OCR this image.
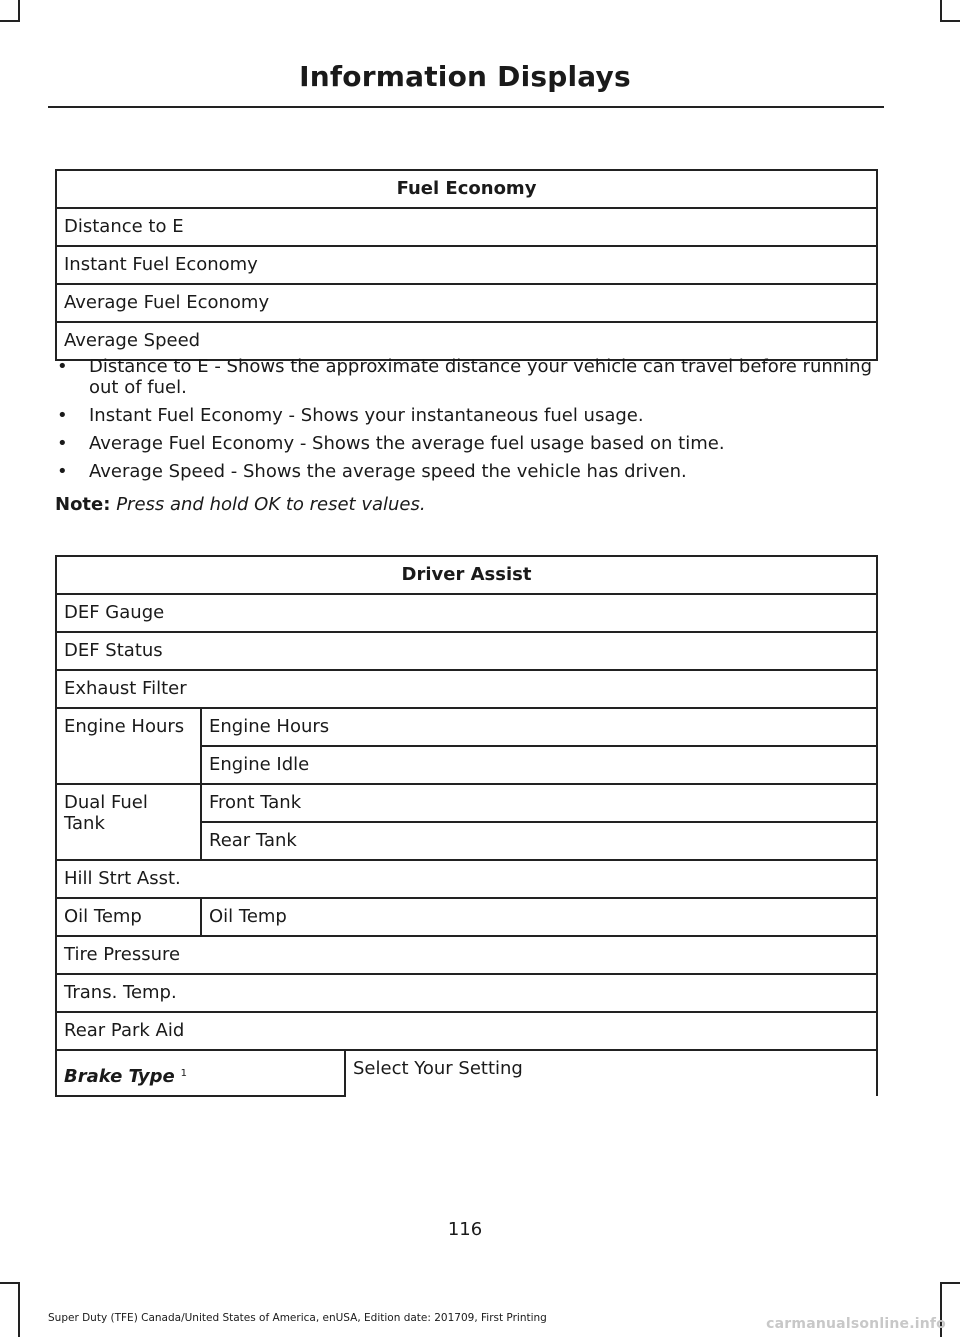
Information Displays
Fuel Economy
Distance to E
Instant Fuel Economy
Average Fuel Economy
Average Speed
• Distance to E - Shows the approximate distance your vehicle can travel before running out of fuel.
• Instant Fuel Economy - Shows your instantaneous fuel usage.
• Average Fuel Economy - Shows the average fuel usage based on time.
• Average Speed - Shows the average speed the vehicle has driven.
Note: Press and hold OK to reset values.
Driver Assist		
DEF Gauge		
DEF Status		
Exhaust Filter		
Engine Hours	Engine Hours	
	Engine Idle	
Dual Fuel Tank	Front Tank	
	Rear Tank	
Hill Strt Asst.		
Oil Temp	Oil Temp	
Tire Pressure		
Trans. Temp.		
Rear Park Aid		
Brake Type $^1$		Select Your Setting
116
Super Duty (TFE) Canada/United States of America, enUSA, Edition date: 201709, First Printing	carmanualsonline.info
